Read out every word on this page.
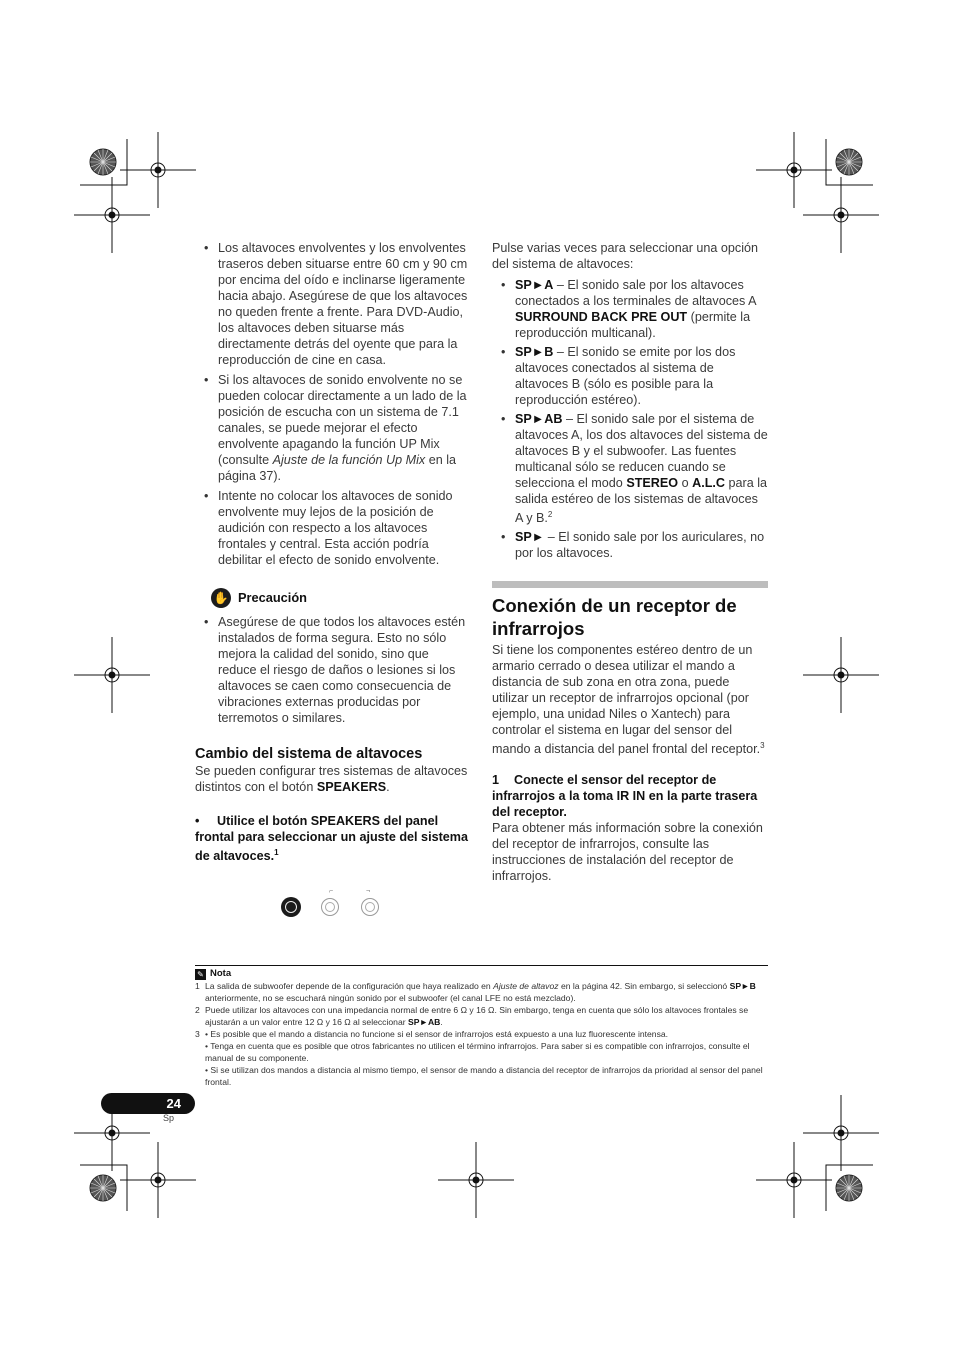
• Los altavoces envolventes y los envolventes traseros deben situarse entre 60 cm y 90 cm por encima del oído e inclinarse ligeramente hacia abajo. Asegúrese de que los altavoces no queden frente a frente. Para DVD-Audio, los altavoces deben situarse más directamente detrás del oyente que para la reproducción de cine en casa.
• Si los altavoces de sonido envolvente no se pueden colocar directamente a un lado de la posición de escucha con un sistema de 7.1 canales, se puede mejorar el efecto envolvente apagando la función UP Mix (consulte Ajuste de la función Up Mix en la página 37).
• Intente no colocar los altavoces de sonido envolvente muy lejos de la posición de audición con respecto a los altavoces frontales y central. Esta acción podría debilitar el efecto de sonido envolvente.
✋ Precaución
• Asegúrese de que todos los altavoces estén instalados de forma segura. Esto no sólo mejora la calidad del sonido, sino que reduce el riesgo de daños o lesiones si los altavoces se caen como consecuencia de vibraciones externas producidas por terremotos o similares.
Cambio del sistema de altavoces
Se pueden configurar tres sistemas de altavoces distintos con el botón SPEAKERS.
•	Utilice el botón SPEAKERS del panel frontal para seleccionar un ajuste del sistema de altavoces.$^1$
⌐	¬
Pulse varias veces para seleccionar una opción del sistema de altavoces:
• SP►A – El sonido sale por los altavoces conectados a los terminales de altavoces A SURROUND BACK PRE OUT (permite la reproducción multicanal).
• SP►B – El sonido se emite por los dos altavoces conectados al sistema de altavoces B (sólo es posible para la reproducción estéreo).
• SP►AB – El sonido sale por el sistema de altavoces A, los dos altavoces del sistema de altavoces B y el subwoofer. Las fuentes multicanal sólo se reducen cuando se selecciona el modo STEREO o A.L.C para la salida estéreo de los sistemas de altavoces A y B.$^2$
• SP► – El sonido sale por los auriculares, no por los altavoces.
Conexión de un receptor de infrarrojos
Si tiene los componentes estéreo dentro de un armario cerrado o desea utilizar el mando a distancia de sub zona en otra zona, puede utilizar un receptor de infrarrojos opcional (por ejemplo, una unidad Niles o Xantech) para controlar el sistema en lugar del sensor del mando a distancia del panel frontal del receptor.$^3$
1 Conecte el sensor del receptor de infrarrojos a la toma IR IN en la parte trasera del receptor.
Para obtener más información sobre la conexión del receptor de infrarrojos, consulte las instrucciones de instalación del receptor de infrarrojos.
✎ Nota
1 La salida de subwoofer depende de la configuración que haya realizado en Ajuste de altavoz en la página 42. Sin embargo, si seleccionó SP►B anteriormente, no se escuchará ningún sonido por el subwoofer (el canal LFE no está mezclado).
2 Puede utilizar los altavoces con una impedancia normal de entre 6 Ω y 16 Ω. Sin embargo, tenga en cuenta que sólo los altavoces frontales se ajustarán a un valor entre 12 Ω y 16 Ω al seleccionar SP►AB.
3 • Es posible que el mando a distancia no funcione si el sensor de infrarrojos está expuesto a una luz fluorescente intensa.
• Tenga en cuenta que es posible que otros fabricantes no utilicen el término infrarrojos. Para saber si es compatible con infrarrojos, consulte el manual de su componente.
• Si se utilizan dos mandos a distancia al mismo tiempo, el sensor de mando a distancia del receptor de infrarrojos da prioridad al sensor del panel frontal.
24
Sp
